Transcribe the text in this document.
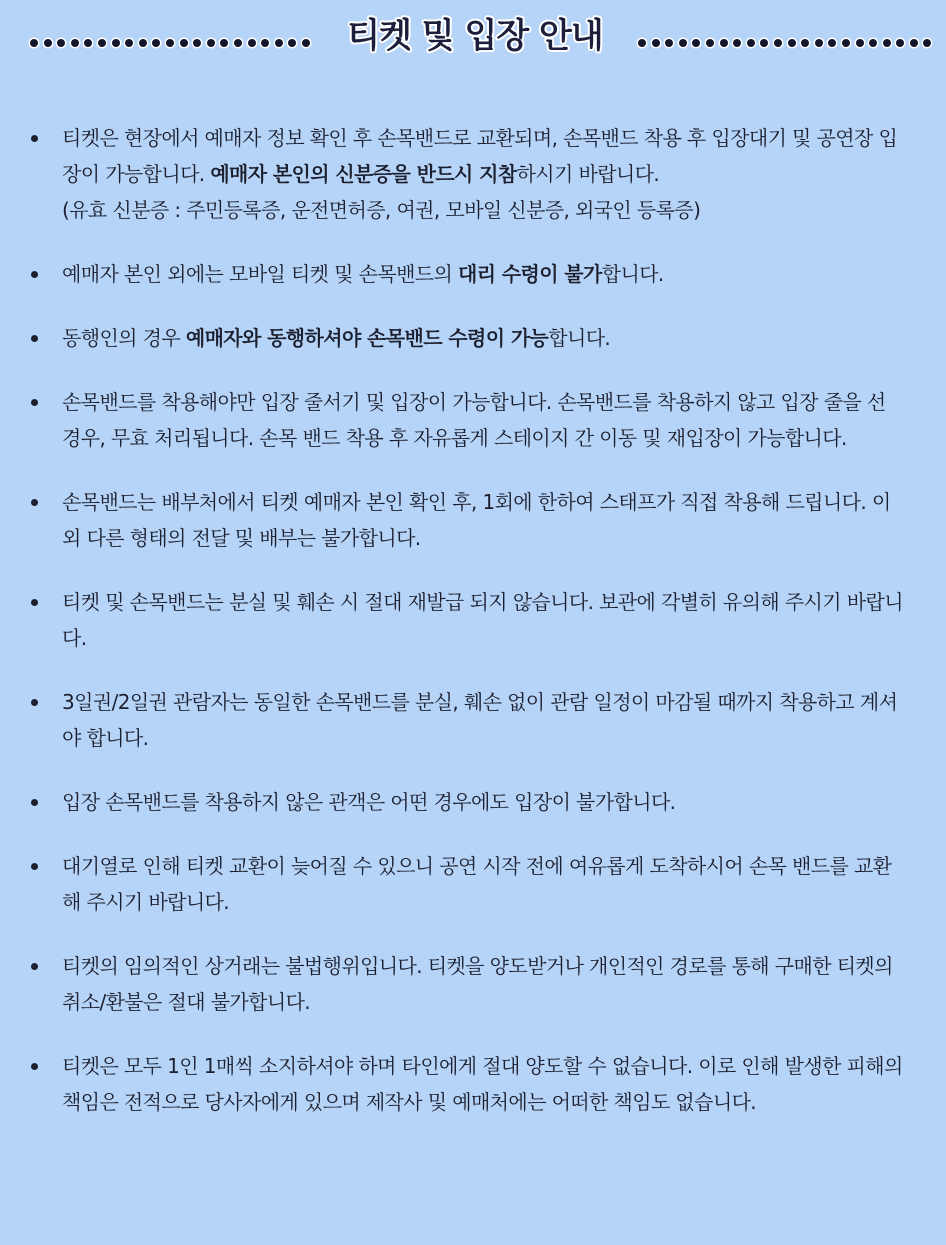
티켓 및 입장 안내
티켓은 현장에서 예매자 정보 확인 후 손목밴드로 교환되며, 손목밴드 착용 후 입장대기 및 공연장 입장이 가능합니다. 예매자 본인의 신분증을 반드시 지참하시기 바랍니다.
(유효 신분증 : 주민등록증, 운전면허증, 여권, 모바일 신분증, 외국인 등록증)
예매자 본인 외에는 모바일 티켓 및 손목밴드의 대리 수령이 불가합니다.
동행인의 경우 예매자와 동행하셔야 손목밴드 수령이 가능합니다.
손목밴드를 착용해야만 입장 줄서기 및 입장이 가능합니다. 손목밴드를 착용하지 않고 입장 줄을 선 경우, 무효 처리됩니다. 손목 밴드 착용 후 자유롭게 스테이지 간 이동 및 재입장이 가능합니다.
손목밴드는 배부처에서 티켓 예매자 본인 확인 후, 1회에 한하여 스태프가 직접 착용해 드립니다. 이 외 다른 형태의 전달 및 배부는 불가합니다.
티켓 및 손목밴드는 분실 및 훼손 시 절대 재발급 되지 않습니다. 보관에 각별히 유의해 주시기 바랍니다.
3일권/2일권 관람자는 동일한 손목밴드를 분실, 훼손 없이 관람 일정이 마감될 때까지 착용하고 계셔야 합니다.
입장 손목밴드를 착용하지 않은 관객은 어떤 경우에도 입장이 불가합니다.
대기열로 인해 티켓 교환이 늦어질 수 있으니 공연 시작 전에 여유롭게 도착하시어 손목 밴드를 교환해 주시기 바랍니다.
티켓의 임의적인 상거래는 불법행위입니다. 티켓을 양도받거나 개인적인 경로를 통해 구매한 티켓의 취소/환불은 절대 불가합니다.
티켓은 모두 1인 1매씩 소지하셔야 하며 타인에게 절대 양도할 수 없습니다. 이로 인해 발생한 피해의 책임은 전적으로 당사자에게 있으며 제작사 및 예매처에는 어떠한 책임도 없습니다.
